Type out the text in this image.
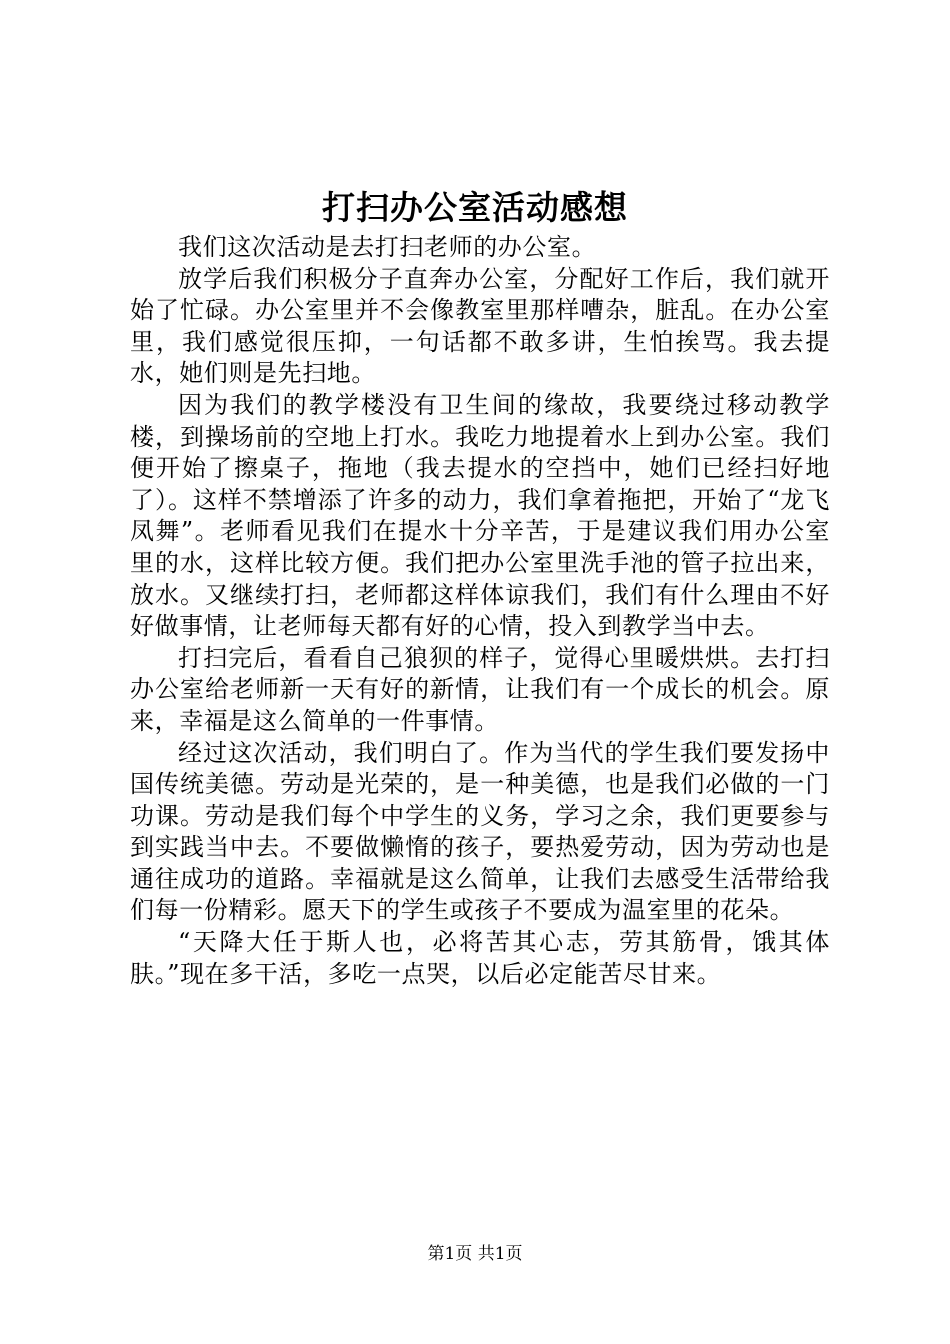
打扫办公室活动感想

我们这次活动是去打扫老师的办公室。

放学后我们积极分子直奔办公室，分配好工作后，我们就开始了忙碌。办公室里并不会像教室里那样嘈杂，脏乱。在办公室里，我们感觉很压抑，一句话都不敢多讲，生怕挨骂。我去提水，她们则是先扫地。

因为我们的教学楼没有卫生间的缘故，我要绕过移动教学楼，到操场前的空地上打水。我吃力地提着水上到办公室。我们便开始了擦桌子，拖地（我去提水的空挡中，她们已经扫好地了）。这样不禁增添了许多的动力，我们拿着拖把，开始了“龙飞凤舞”。老师看见我们在提水十分辛苦，于是建议我们用办公室里的水，这样比较方便。我们把办公室里洗手池的管子拉出来，放水。又继续打扫，老师都这样体谅我们，我们有什么理由不好好做事情，让老师每天都有好的心情，投入到教学当中去。

打扫完后，看看自己狼狈的样子，觉得心里暖烘烘。去打扫办公室给老师新一天有好的新情，让我们有一个成长的机会。原来，幸福是这么简单的一件事情。

经过这次活动，我们明白了。作为当代的学生我们要发扬中国传统美德。劳动是光荣的，是一种美德，也是我们必做的一门功课。劳动是我们每个中学生的义务，学习之余，我们更要参与到实践当中去。不要做懒惰的孩子，要热爱劳动，因为劳动也是通往成功的道路。幸福就是这么简单，让我们去感受生活带给我们每一份精彩。愿天下的学生或孩子不要成为温室里的花朵。

“天降大任于斯人也，必将苦其心志，劳其筋骨，饿其体肤。”现在多干活，多吃一点哭，以后必定能苦尽甘来。

第1页 共1页
